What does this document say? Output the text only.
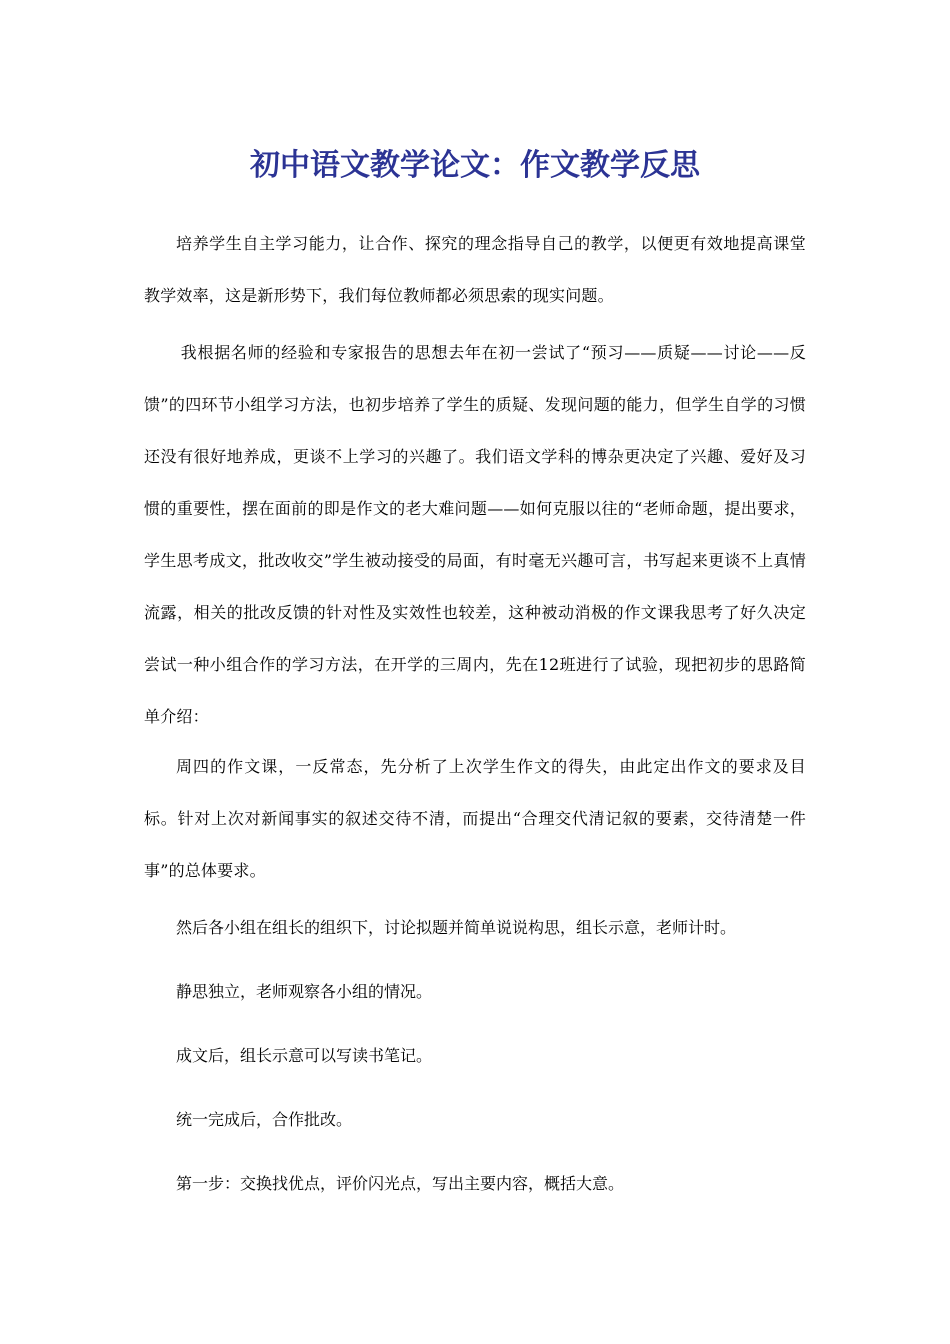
初中语文教学论文：作文教学反思

培养学生自主学习能力，让合作、探究的理念指导自己的教学，以便更有效地提高课堂教学效率，这是新形势下，我们每位教师都必须思索的现实问题。

我根据名师的经验和专家报告的思想去年在初一尝试了“预习——质疑——讨论——反馈”的四环节小组学习方法，也初步培养了学生的质疑、发现问题的能力，但学生自学的习惯还没有很好地养成，更谈不上学习的兴趣了。我们语文学科的博杂更决定了兴趣、爱好及习惯的重要性，摆在面前的即是作文的老大难问题——如何克服以往的“老师命题，提出要求，学生思考成文，批改收交”学生被动接受的局面，有时毫无兴趣可言，书写起来更谈不上真情流露，相关的批改反馈的针对性及实效性也较差，这种被动消极的作文课我思考了好久决定尝试一种小组合作的学习方法，在开学的三周内，先在12班进行了试验，现把初步的思路简单介绍：

周四的作文课，一反常态，先分析了上次学生作文的得失，由此定出作文的要求及目标。针对上次对新闻事实的叙述交待不清，而提出“合理交代清记叙的要素，交待清楚一件事”的总体要求。

然后各小组在组长的组织下，讨论拟题并简单说说构思，组长示意，老师计时。

静思独立，老师观察各小组的情况。

成文后，组长示意可以写读书笔记。

统一完成后，合作批改。

第一步：交换找优点，评价闪光点，写出主要内容，概括大意。
